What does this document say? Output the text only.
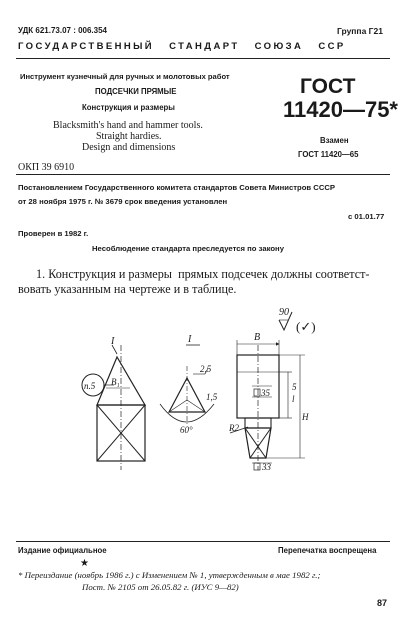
УДК 621.73.07 : 006.354	Группа Г21
ГОСУДАРСТВЕННЫЙ   СТАНДАРТ   СОЮЗА   ССР
Инструмент кузнечный для ручных и молотовых работ
ПОДСЕЧКИ ПРЯМЫЕ
Конструкция и размеры
Blacksmith's hand and hammer tools.
Straight hardies.
Design and dimensions
ГОСТ
11420—75*
Взамен
ГОСТ 11420—65
ОКП 39 6910
Постановлением Государственного комитета стандартов Совета Министров СССР
от 28 ноября 1975 г. № 3679 срок введения установлен
с 01.01.77
Проверен в 1982 г.
Несоблюдение стандарта преследуется по закону
1. Конструкция и размеры  прямых подсечек должны соответст-
вовать указанным на чертеже и в таблице.
90
(✓)
I	I
п.5 B₁
2,5
1,5
60°
B
35
5
l
H
R2
33
Издание официальное	Перепечатка воспрещена
★
* Переиздание (ноябрь 1986 г.) с Изменением № 1, утвержденным в мае 1982 г.;
Пост. № 2105 от 26.05.82 г. (ИУС 9—82)
87
